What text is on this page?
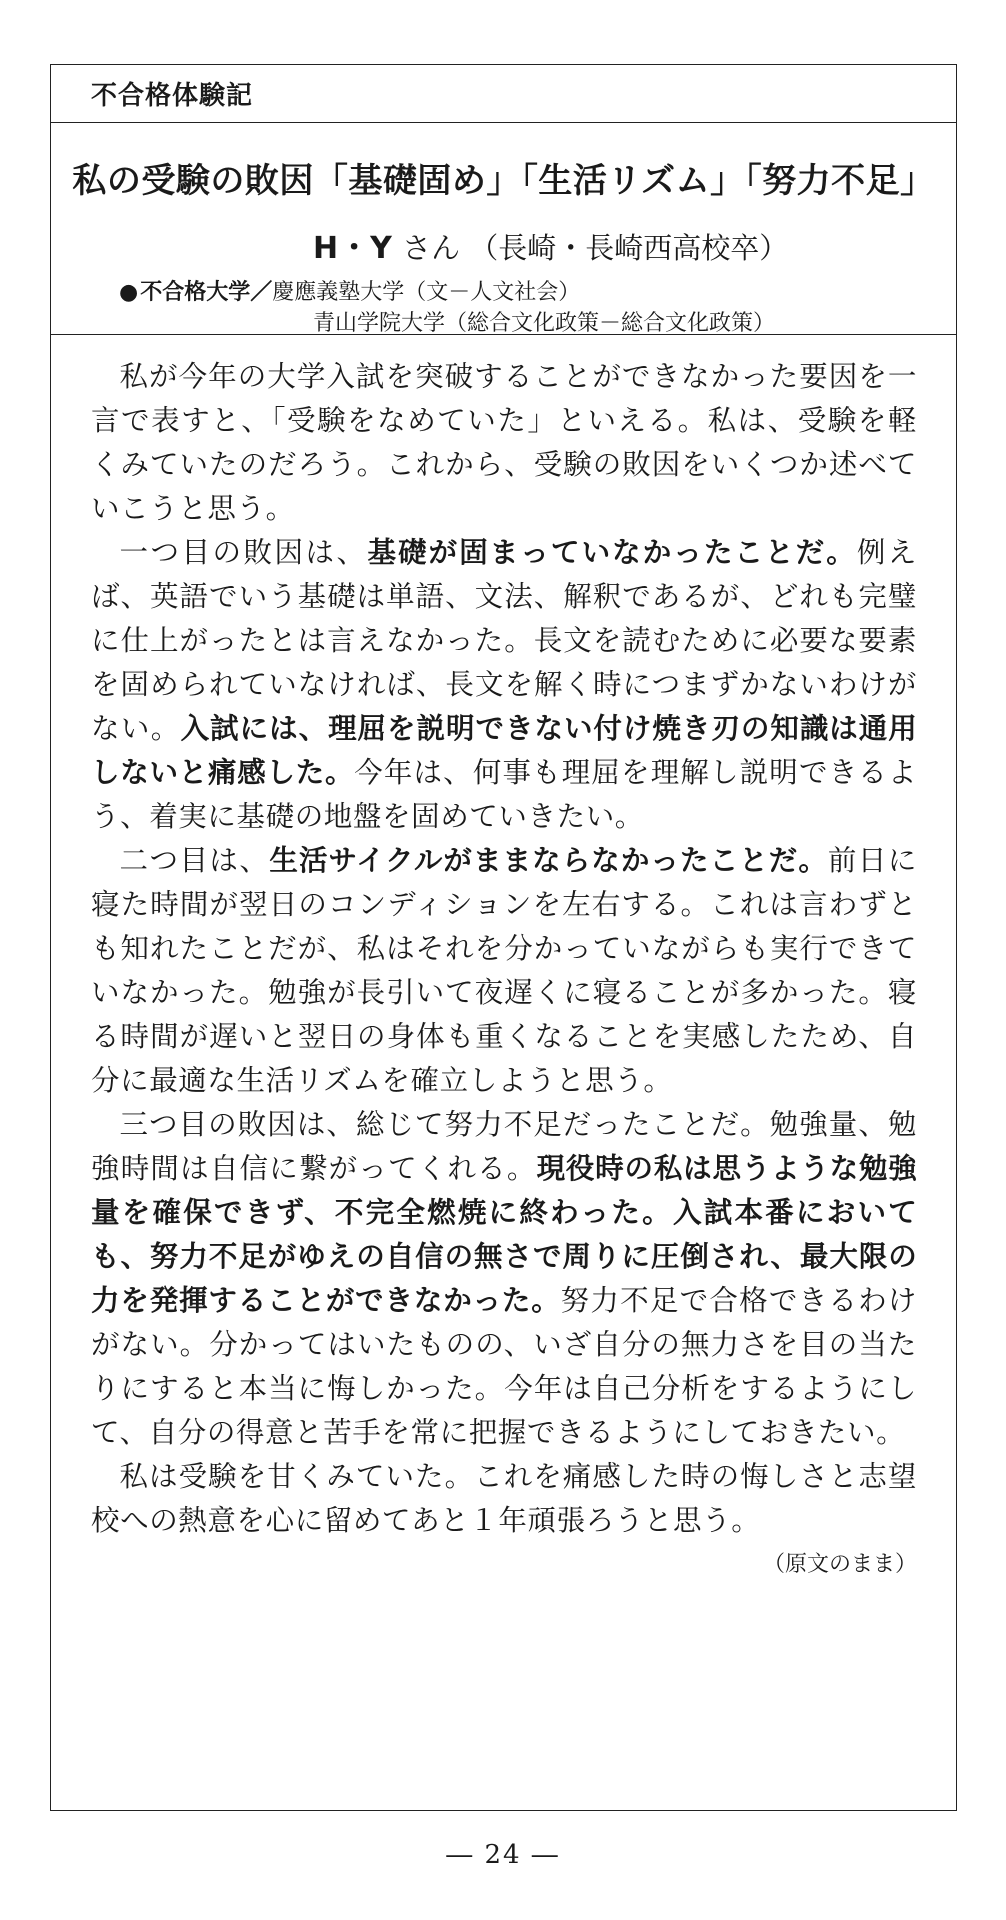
不合格体験記
私の受験の敗因「基礎固め」「生活リズム」「努力不足」
H・Y さん （長崎・長崎西高校卒）
● 不合格大学 ／ 慶應義塾大学（文－人文社会）
青山学院大学（総合文化政策－総合文化政策）

私が今年の大学入試を突破することができなかった要因を一言で表すと、「受験をなめていた」といえる。私は、受験を軽くみていたのだろう。これから、受験の敗因をいくつか述べていこうと思う。

一つ目の敗因は、基礎が固まっていなかったことだ。例えば、英語でいう基礎は単語、文法、解釈であるが、どれも完璧に仕上がったとは言えなかった。長文を読むために必要な要素を固められていなければ、長文を解く時につまずかないわけがない。入試には、理屈を説明できない付け焼き刃の知識は通用しないと痛感した。今年は、何事も理屈を理解し説明できるよう、着実に基礎の地盤を固めていきたい。

二つ目は、生活サイクルがままならなかったことだ。前日に寝た時間が翌日のコンディションを左右する。これは言わずとも知れたことだが、私はそれを分かっていながらも実行できていなかった。勉強が長引いて夜遅くに寝ることが多かった。寝る時間が遅いと翌日の身体も重くなることを実感したため、自分に最適な生活リズムを確立しようと思う。

三つ目の敗因は、総じて努力不足だったことだ。勉強量、勉強時間は自信に繋がってくれる。現役時の私は思うような勉強量を確保できず、不完全燃焼に終わった。入試本番においても、努力不足がゆえの自信の無さで周りに圧倒され、最大限の力を発揮することができなかった。努力不足で合格できるわけがない。分かってはいたものの、いざ自分の無力さを目の当たりにすると本当に悔しかった。今年は自己分析をするようにして、自分の得意と苦手を常に把握できるようにしておきたい。

私は受験を甘くみていた。これを痛感した時の悔しさと志望校への熱意を心に留めてあと１年頑張ろうと思う。

（原文のまま）
― 24 ―
